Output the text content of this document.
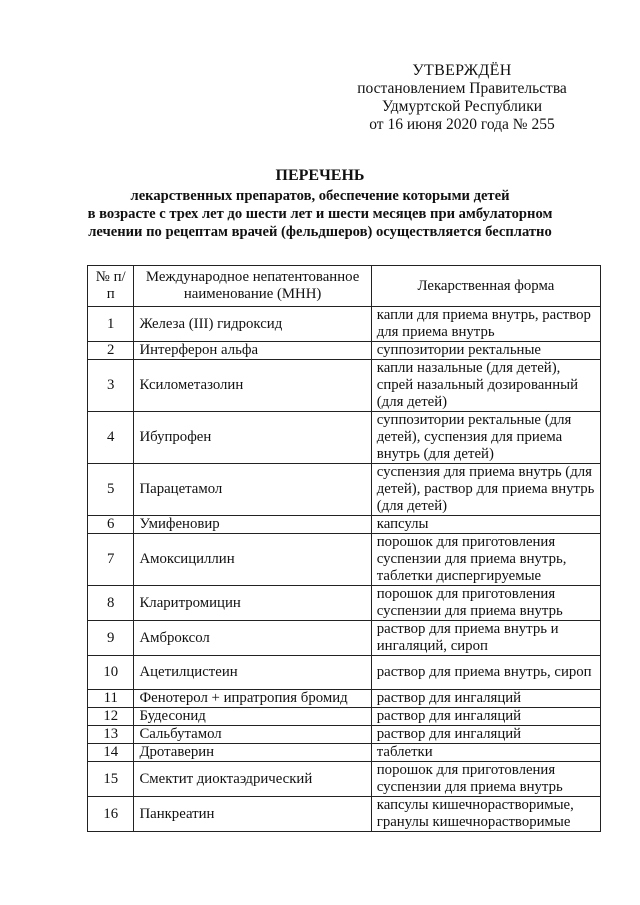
УТВЕРЖДЁН
постановлением Правительства
Удмуртской Республики
от 16 июня 2020 года № 255
ПЕРЕЧЕНЬ
лекарственных препаратов, обеспечение которыми детей
в возрасте с трех лет до шести лет и шести месяцев при амбулаторном
лечении по рецептам врачей (фельдшеров) осуществляется бесплатно
№ п/п	Международное непатентованное наименование (МНН)	Лекарственная форма
1	Железа (III) гидроксид	капли для приема внутрь, раствор для приема внутрь
2	Интерферон альфа	суппозитории ректальные
3	Ксилометазолин	капли назальные (для детей), спрей назальный дозированный (для детей)
4	Ибупрофен	суппозитории ректальные (для детей), суспензия для приема внутрь (для детей)
5	Парацетамол	суспензия для приема внутрь (для детей), раствор для приема внутрь (для детей)
6	Умифеновир	капсулы
7	Амоксициллин	порошок для приготовления суспензии для приема внутрь, таблетки диспергируемые
8	Кларитромицин	порошок для приготовления суспензии для приема внутрь
9	Амброксол	раствор для приема внутрь и ингаляций, сироп
10	Ацетилцистеин	раствор для приема внутрь, сироп
11	Фенотерол + ипратропия бромид	раствор для ингаляций
12	Будесонид	раствор для ингаляций
13	Сальбутамол	раствор для ингаляций
14	Дротаверин	таблетки
15	Смектит диоктаэдрический	порошок для приготовления суспензии для приема внутрь
16	Панкреатин	капсулы кишечнорастворимые, гранулы кишечнорастворимые
